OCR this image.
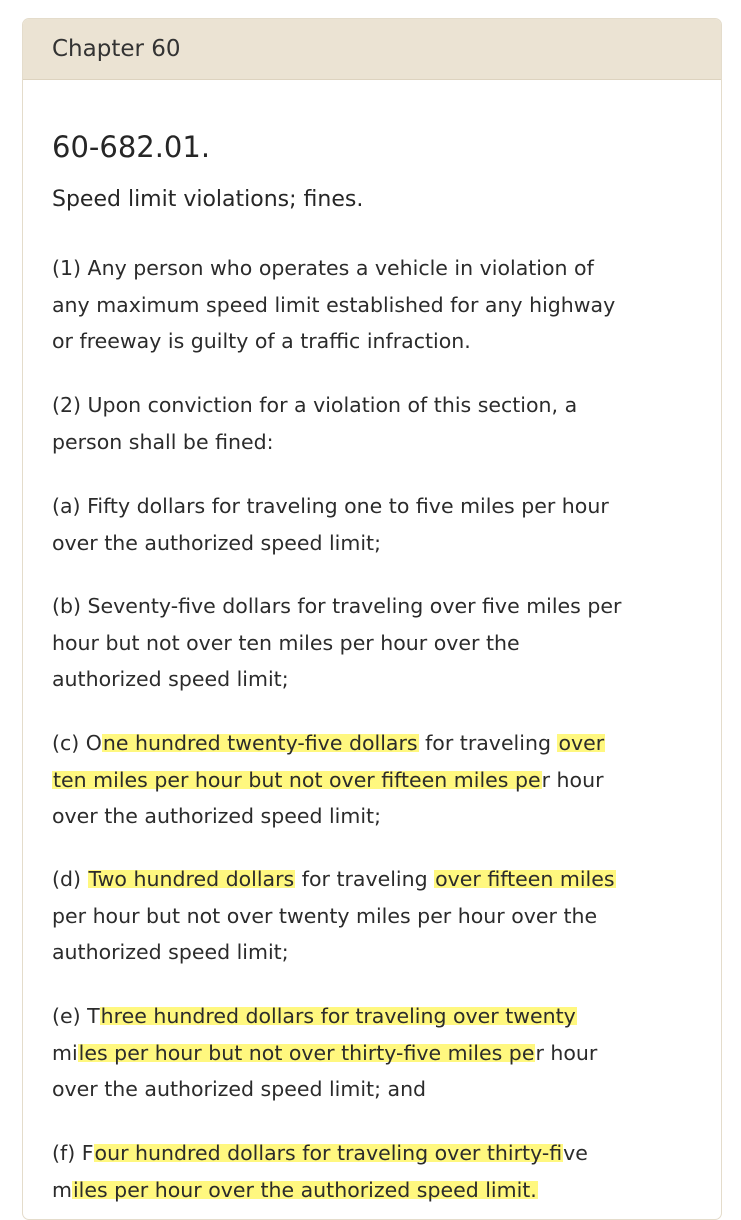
Chapter 60
60-682.01.
Speed limit violations; fines.
(1) Any person who operates a vehicle in violation of
any maximum speed limit established for any highway
or freeway is guilty of a traffic infraction.
(2) Upon conviction for a violation of this section, a
person shall be fined:
(a) Fifty dollars for traveling one to five miles per hour
over the authorized speed limit;
(b) Seventy-five dollars for traveling over five miles per
hour but not over ten miles per hour over the
authorized speed limit;
(c) One hundred twenty-five dollars for traveling over
ten miles per hour but not over fifteen miles per hour
over the authorized speed limit;
(d) Two hundred dollars for traveling over fifteen miles
per hour but not over twenty miles per hour over the
authorized speed limit;
(e) Three hundred dollars for traveling over twenty
miles per hour but not over thirty-five miles per hour
over the authorized speed limit; and
(f) Four hundred dollars for traveling over thirty-five
miles per hour over the authorized speed limit.
